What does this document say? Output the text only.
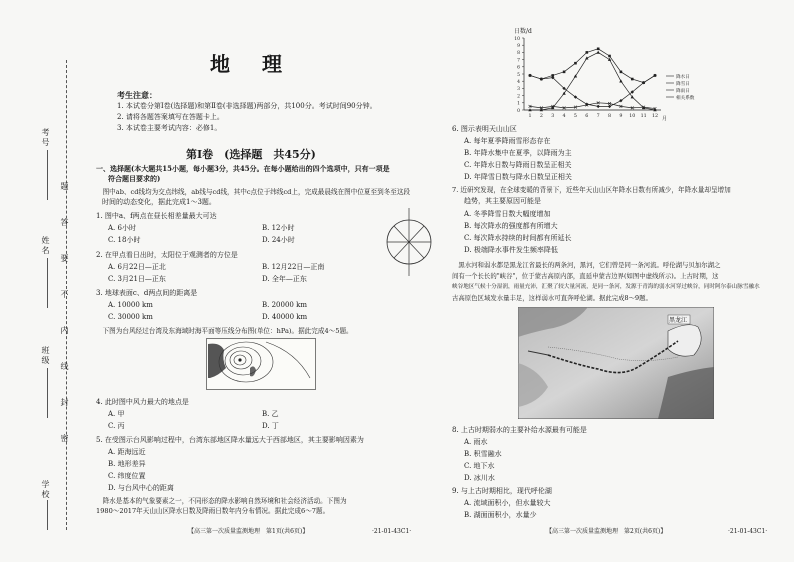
考号
姓名
班级
学校
题
答
要
不
内
线
封
密
地　理
考生注意：
1. 本试卷分第Ⅰ卷(选择题)和第Ⅱ卷(非选择题)两部分，共100分。考试时间90分钟。
2. 请将各题答案填写在答题卡上。
3. 本试卷主要考试内容：必修1。
第Ⅰ卷　(选择题　共45分)
一、选择题(本大题共15小题，每小题3分，共45分。在每小题给出的四个选项中，只有一项是
符合题目要求的)
　图中ab、cd线均为交点纬线，ab线与cd线，其中c点位于纬线cd上，完成最晨线在图中位夏至到冬至这段
时间的动态变化，据此完成1～3题。
1. 图中a、f两点在昼长相差量最大可达
A. 6小时	B. 12小时
C. 18小时	D. 24小时
2. 在甲点看日出时，太阳位于观测者的方位是
A. 6月22日—正北	B. 12月22日—正南
C. 3月21日—正东	D. 全年—正东
3. 地球表面c、d两点间的距离是
A. 10000 km	B. 20000 km
C. 30000 km	D. 40000 km
　下图为台风经过台湾及东海域时海平面等压线分布图(单位：hPa)。据此完成4～5题。
4. 此时图中风力最大的地点是
A. 甲	B. 乙
C. 丙	D. 丁
5. 在受图示台风影响过程中，台湾东部地区降水量远大于西部地区，其主要影响因素为
A. 距海远近
B. 地形差异
C. 纬度位置
D. 与台风中心的距离
　降水是基本的气象要素之一，不同形态的降水影响自然环境和社会经济活动。下图为
1980～2017年天山山区降水日数及降雨日数年内分布情况。据此完成6～7题。
【高三第一次质量监测地理　第1页(共6页)】	·21-01-43C1·
日数/d
0
1
2
3
4
5
6
7
8
9
10
1 2 3 4 5 6 7 8 9 10 11 12
降水日
降雪日
降雨日
相关系数
月
6. 图示表明天山山区
A. 每年夏季降雨雪形态存在
B. 年降水集中在夏季，以降雨为主
C. 年降水日数与降雨日数呈正相关
D. 年降雪日数与降水日数呈正相关
7. 近研究发现，在全球变暖的背景下，近些年天山山区年降水日数有所减少，年降水量却呈增加
趋势，其主要原因可能是
A. 冬季降雪日数大幅度增加
B. 每次降水的强度都有所增大
C. 每次降水持续的时间都有所延长
D. 极端降水事件发生频率降低
　黑水河和弱水都是黑龙江省最长的两条河，黑河，它们曾是同一条河流。呼伦湖与贝加尔湖之
间有一个长长的"峡谷"，位于蒙古高原内部，直延申蒙古边界(如图中虚线所示)。上古时期，这
峡谷地区气候十分湿润，雨量充沛，汇聚了较大量河流，是同一条河，发源于青海的弱水河穿过峡谷，同时阿尔泰山脉雪融水
古高原色区域发水量丰足，这样弱水可直奔呼伦湖。据此完成8～9题。
黑龙江
8. 上古时期弱水的主要补给水源最有可能是
A. 雨水
B. 积雪融水
C. 地下水
D. 冰川水
9. 与上古时期相比，现代呼伦湖
A. 流域面积小，但水量较大
B. 湖面面积小，水量少
【高三第一次质量监测地理　第2页(共6页)】	·21-01-43C1·
